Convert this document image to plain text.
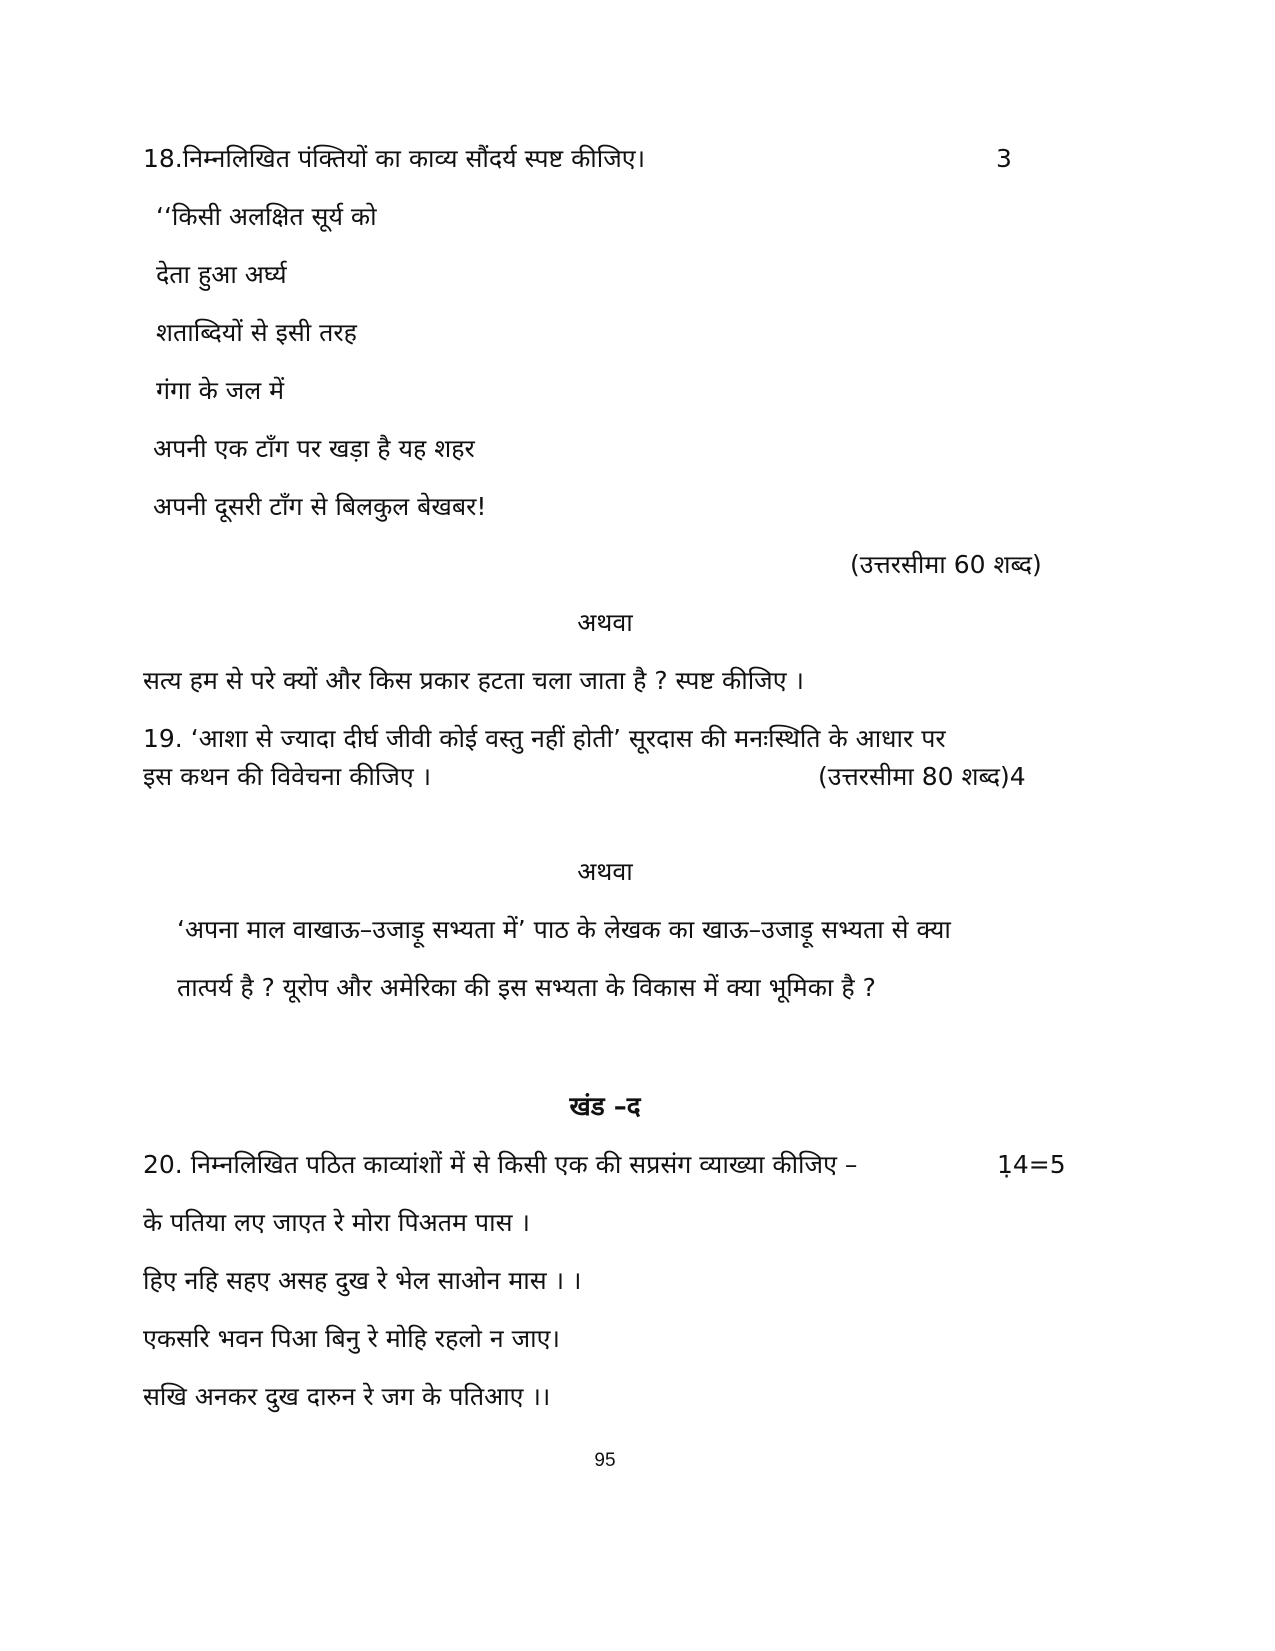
18.निम्नलिखित पंक्तियों का काव्य सौंदर्य स्पष्ट कीजिए।	3
‘‘किसी अलक्षित सूर्य को
देता हुआ अर्घ्य
शताब्दियों से इसी तरह
गंगा के जल में
अपनी एक टाँग पर खड़ा है यह शहर
अपनी दूसरी टाँग से बिलकुल बेखबर!
(उत्तरसीमा 60 शब्द)
अथवा
सत्य हम से परे क्यों और किस प्रकार हटता चला जाता है ? स्पष्ट कीजिए ।
19. ‘आशा से ज्यादा दीर्घ जीवी कोई वस्तु नहीं होती’ सूरदास की मनःस्थिति के आधार पर
इस कथन की विवेचना कीजिए ।	(उत्तरसीमा 80 शब्द)4
अथवा
‘अपना माल वाखाऊ–उजाड़ू सभ्यता में’ पाठ के लेखक का खाऊ–उजाड़ू सभ्यता से क्या
तात्पर्य है ? यूरोप और अमेरिका की इस सभ्यता के विकास में क्या भूमिका है ?
खंड –द
20. निम्नलिखित पठित काव्यांशों में से किसी एक की सप्रसंग व्याख्या कीजिए –	1̣4=5
के पतिया लए जाएत रे मोरा पिअतम पास ।
हिए नहि सहए असह दुख रे भेल साओन मास । ।
एकसरि भवन पिआ बिनु रे मोहि रहलो न जाए।
सखि अनकर दुख दारुन रे जग के पतिआए ।।
95
